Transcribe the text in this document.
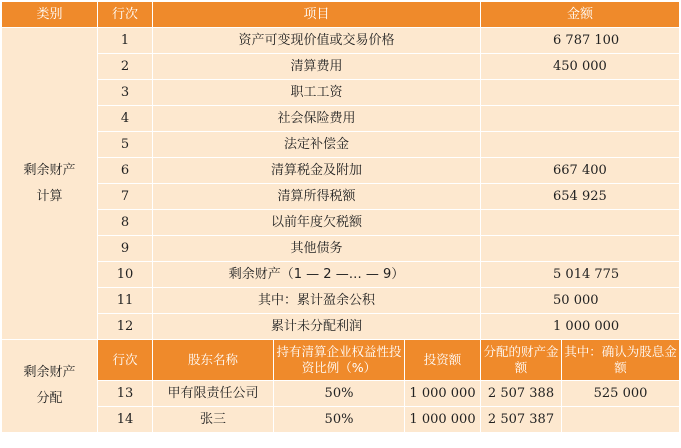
类别	行次	项目			金额	

剩余财产
计算	1	资产可变现价值或交易价格			6 787 100	
	2	清算费用			450 000	
	3	职工工资				
	4	社会保险费用				
	5	法定补偿金				
	6	清算税金及附加			667 400	
	7	清算所得税额			654 925	
	8	以前年度欠税额				
	9	其他债务				
	10	剩余财产（1 — 2 —… — 9）			5 014 775	
	11	其中：累计盈余公积			50 000	
	12	累计未分配利润			1 000 000	

剩余财产
分配	行次	股东名称	持有清算企业权益性投资比例（%）	投资额	分配的财产金额	其中：确认为股息金额
	13	甲有限责任公司	50%	1 000 000	2 507 388	525 000
	14	张三	50%	1 000 000	2 507 387	
